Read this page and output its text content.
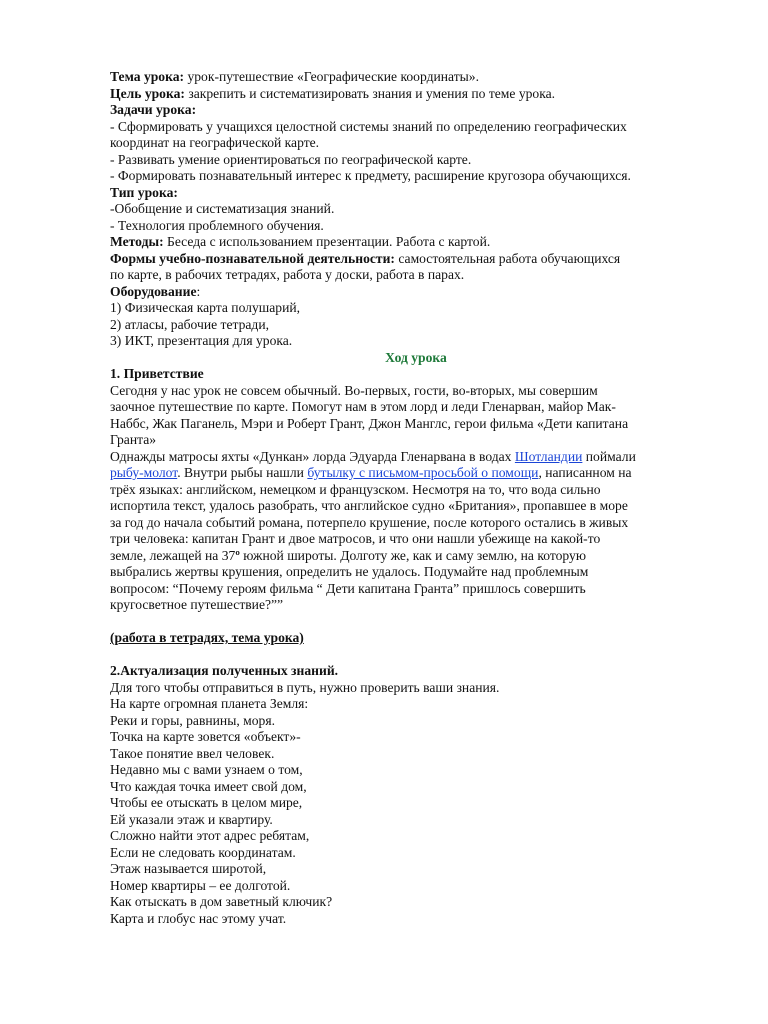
Тема урока: урок-путешествие «Географические координаты».
Цель урока: закрепить и систематизировать знания и умения по теме урока.
Задачи урока:
- Сформировать у учащихся целостной системы знаний по определению географических
координат на географической карте.
- Развивать умение ориентироваться по географической карте.
- Формировать познавательный интерес к предмету, расширение кругозора обучающихся.
Тип урока:
-Обобщение и систематизация знаний.
- Технология проблемного обучения.
Методы: Беседа с использованием презентации. Работа с картой.
Формы учебно-познавательной деятельности: самостоятельная работа обучающихся
по карте, в рабочих тетрадях, работа у доски, работа в парах.
Оборудование:
1) Физическая карта полушарий,
2) атласы, рабочие тетради,
3) ИКТ, презентация для урока.
Ход урока
1. Приветствие
Сегодня у нас урок не совсем обычный. Во-первых, гости, во-вторых, мы совершим
заочное путешествие по карте. Помогут нам в этом лорд и леди Гленарван, майор Мак-
Наббс, Жак Паганель, Мэри и Роберт Грант, Джон Манглс, герои фильма «Дети капитана
Гранта»
Однажды матросы яхты «Дункан» лорда Эдуарда Гленарвана в водах Шотландии поймали
рыбу-молот. Внутри рыбы нашли бутылку с письмом-просьбой о помощи, написанном на
трёх языках: английском, немецком и французском. Несмотря на то, что вода сильно
испортила текст, удалось разобрать, что английское судно «Британия», пропавшее в море
за год до начала событий романа, потерпело крушение, после которого остались в живых
три человека: капитан Грант и двое матросов, и что они нашли убежище на какой-то
земле, лежащей на 37º южной широты. Долготу же, как и саму землю, на которую
выбрались жертвы крушения, определить не удалось. Подумайте над проблемным
вопросом: “Почему героям фильма “ Дети капитана Гранта” пришлось совершить
кругосветное путешествие?””
(работа в тетрадях, тема урока)
2.Актуализация полученных знаний.
Для того чтобы отправиться в путь, нужно проверить ваши знания.
На карте огромная планета Земля:
Реки и горы, равнины, моря.
Точка на карте зовется «объект»-
Такое понятие ввел человек.
Недавно мы с вами узнаем о том,
Что каждая точка имеет свой дом,
Чтобы ее отыскать в целом мире,
Ей указали этаж и квартиру.
Сложно найти этот адрес ребятам,
Если не следовать координатам.
Этаж называется широтой,
Номер квартиры – ее долготой.
Как отыскать в дом заветный ключик?
Карта и глобус нас этому учат.
